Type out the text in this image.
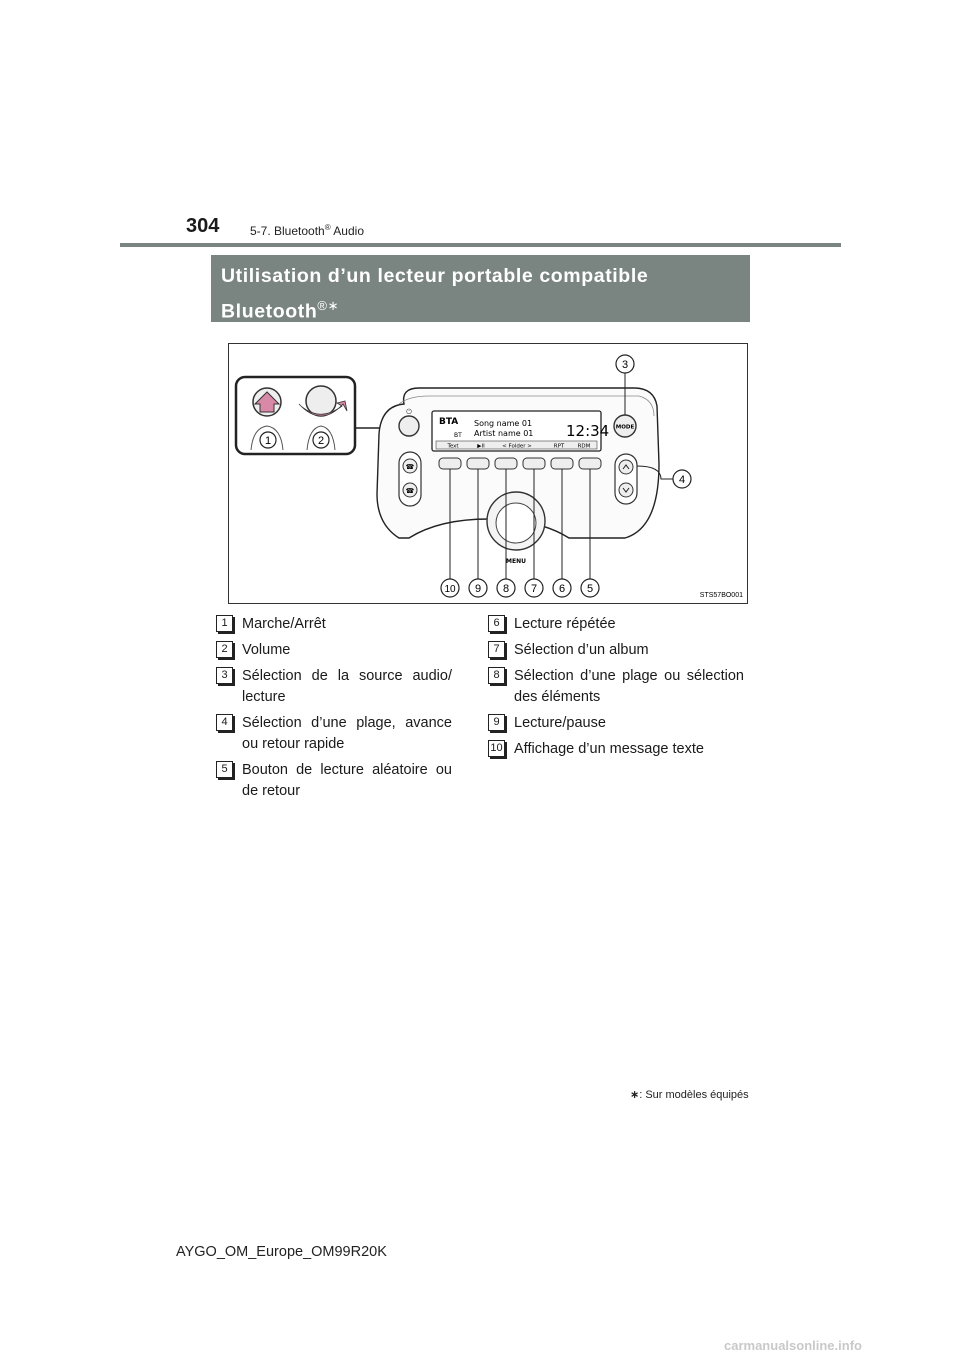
304	5-7. Bluetooth® Audio
Utilisation d’un lecteur portable compatible
Bluetooth®∗
1	2
⏻
BTA
BT
Song name 01
Artist name 01 12:34
Text	▶II	< Folder >	RPT RDM
MODE
☎
☎
MENU
10 9 8 7 6 5
3
4
STS57BO001
1 Marche/Arrêt
2 Volume
3 Sélection de la source audio/ lecture
4 Sélection d’une plage, avance ou retour rapide
5 Bouton de lecture aléatoire ou de retour
6 Lecture répétée
7 Sélection d’un album
8 Sélection d’une plage ou sélection des éléments
9 Lecture/pause
10 Affichage d’un message texte
∗: Sur modèles équipés
AYGO_OM_Europe_OM99R20K
carmanualsonline.info
